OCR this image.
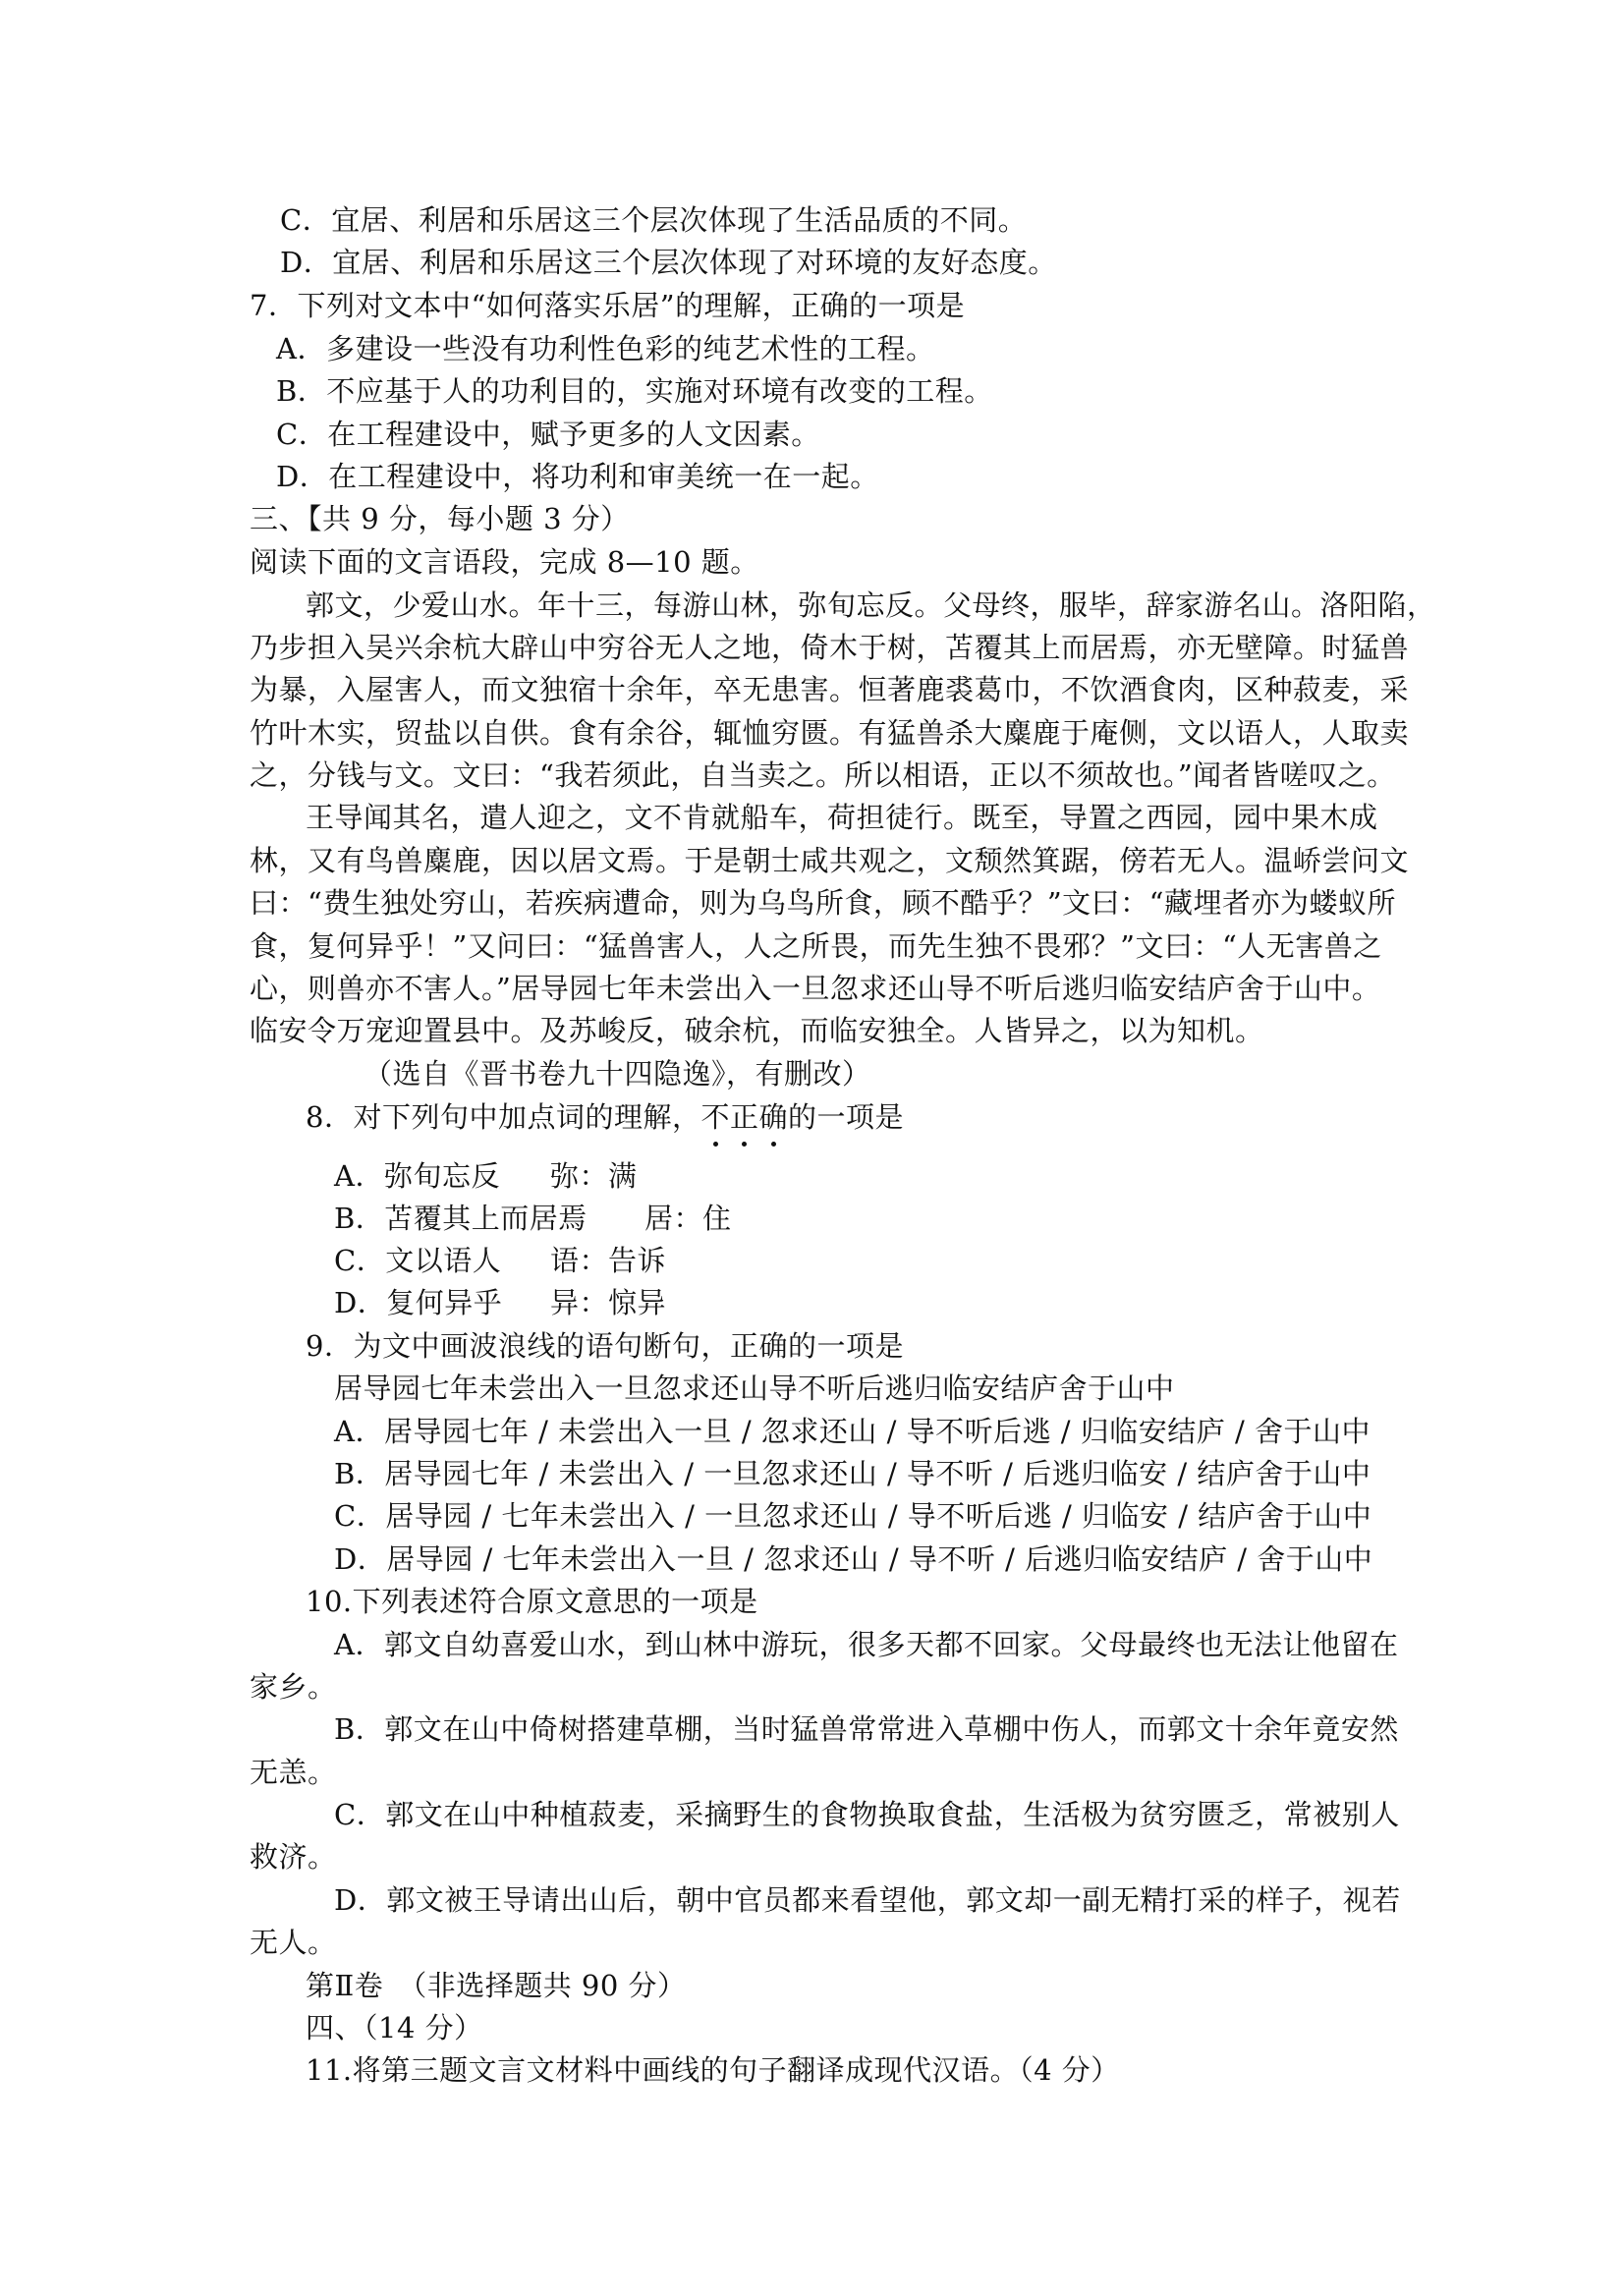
C．宜居、利居和乐居这三个层次体现了生活品质的不同。
D．宜居、利居和乐居这三个层次体现了对环境的友好态度。
7．下列对文本中“如何落实乐居”的理解，正确的一项是
A．多建设一些没有功利性色彩的纯艺术性的工程。
B．不应基于人的功利目的，实施对环境有改变的工程。
C．在工程建设中，赋予更多的人文因素。
D．在工程建设中，将功利和审美统一在一起。
三、【共 9 分，每小题 3 分）
阅读下面的文言语段，完成 8—10 题。
郭文，少爱山水。年十三，每游山林，弥旬忘反。父母终，服毕，辞家游名山。洛阳陷，
乃步担入吴兴余杭大辟山中穷谷无人之地，倚木于树，苫覆其上而居焉，亦无壁障。时猛兽
为暴，入屋害人，而文独宿十余年，卒无患害。恒著鹿裘葛巾，不饮酒食肉，区种菽麦，采
竹叶木实，贸盐以自供。食有余谷，辄恤穷匮。有猛兽杀大麋鹿于庵侧，文以语人，人取卖
之，分钱与文。文曰：“我若须此，自当卖之。所以相语，正以不须故也。”闻者皆嗟叹之。
王导闻其名，遣人迎之，文不肯就船车，荷担徒行。既至，导置之西园，园中果木成
林，又有鸟兽麋鹿，因以居文焉。于是朝士咸共观之，文颓然箕踞，傍若无人。温峤尝问文
曰：“费生独处穷山，若疾病遭命，则为乌鸟所食，顾不酷乎？”文曰：“藏埋者亦为蝼蚁所
食，复何异乎！”又问曰：“猛兽害人，人之所畏，而先生独不畏邪？”文曰：“人无害兽之
心，则兽亦不害人。”居导园七年未尝出入一旦忽求还山导不听后逃归临安结庐舍于山中。
临安令万宠迎置县中。及苏峻反，破余杭，而临安独全。人皆异之，以为知机。
（选自《晋书卷九十四隐逸》，有删改）
8．对下列句中加点词的理解，不正确的一项是
A．弥旬忘反 弥：满
B．苫覆其上而居焉 居：住
C．文以语人 语：告诉
D．复何异乎 异：惊异
9．为文中画波浪线的语句断句，正确的一项是
居导园七年未尝出入一旦忽求还山导不听后逃归临安结庐舍于山中
A．居导园七年 / 未尝出入一旦 / 忽求还山 / 导不听后逃 / 归临安结庐 / 舍于山中
B．居导园七年 / 未尝出入 / 一旦忽求还山 / 导不听 / 后逃归临安 / 结庐舍于山中
C．居导园 / 七年未尝出入 / 一旦忽求还山 / 导不听后逃 / 归临安 / 结庐舍于山中
D．居导园 / 七年未尝出入一旦 / 忽求还山 / 导不听 / 后逃归临安结庐 / 舍于山中
10.下列表述符合原文意思的一项是
A．郭文自幼喜爱山水，到山林中游玩，很多天都不回家。父母最终也无法让他留在
家乡。
B．郭文在山中倚树搭建草棚，当时猛兽常常进入草棚中伤人，而郭文十余年竟安然
无恙。
C．郭文在山中种植菽麦，采摘野生的食物换取食盐，生活极为贫穷匮乏，常被别人
救济。
D．郭文被王导请出山后，朝中官员都来看望他，郭文却一副无精打采的样子，视若
无人。
第Ⅱ卷　（非选择题共 90 分）
四、（14 分）
11.将第三题文言文材料中画线的句子翻译成现代汉语。（4 分）
